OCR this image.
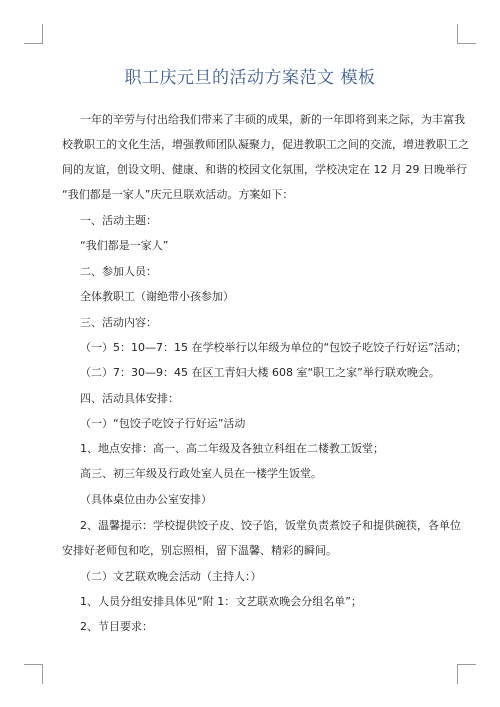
职工庆元旦的活动方案范文 模板
一年的辛劳与付出给我们带来了丰硕的成果，新的一年即将到来之际，为丰富我
校教职工的文化生活，增强教师团队凝聚力，促进教职工之间的交流，增进教职工之
间的友谊，创设文明、健康、和谐的校园文化氛围，学校决定在 12 月 29 日晚举行
“我们都是一家人”庆元旦联欢活动。方案如下：
一、活动主题：
“我们都是一家人”
二、参加人员：
全体教职工（谢绝带小孩参加）
三、活动内容：
（一）5：10—7：15 在学校举行以年级为单位的“包饺子吃饺子行好运”活动；
（二）7：30—9：45 在区工青妇大楼 608 室“职工之家”举行联欢晚会。
四、活动具体安排：
（一）“包饺子吃饺子行好运”活动
1、地点安排：高一、高二年级及各独立科组在二楼教工饭堂；
高三、初三年级及行政处室人员在一楼学生饭堂。
（具体桌位由办公室安排）
2、温馨提示：学校提供饺子皮、饺子馅，饭堂负责煮饺子和提供碗筷，各单位
安排好老师包和吃，别忘照相，留下温馨、精彩的瞬间。
（二）文艺联欢晚会活动（主持人：）
1、人员分组安排具体见“附 1：文艺联欢晚会分组名单”；
2、节目要求：
